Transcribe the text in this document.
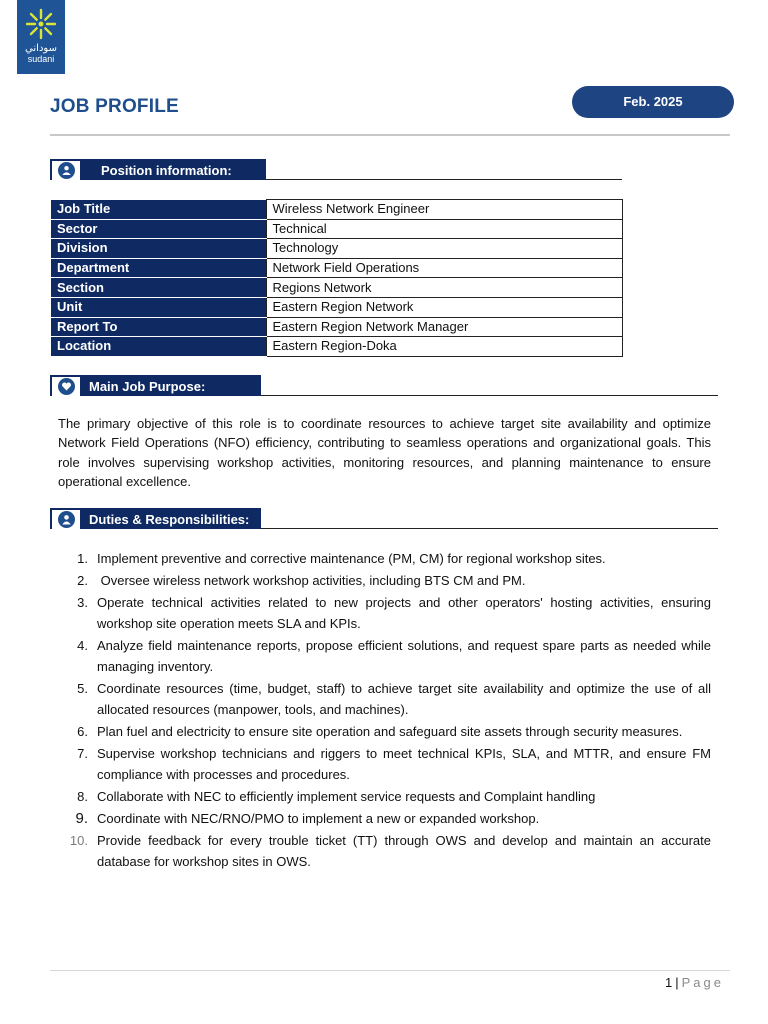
سوداني
sudani
JOB PROFILE	Feb. 2025
Position information:
Job Title	Wireless Network Engineer
Sector	Technical
Division	Technology
Department	Network Field Operations
Section	Regions Network
Unit	Eastern Region Network
Report To	Eastern Region Network Manager
Location	Eastern Region-Doka
Main Job Purpose:

The primary objective of this role is to coordinate resources to achieve target site availability and optimize Network Field Operations (NFO) efficiency, contributing to seamless operations and organizational goals. This role involves supervising workshop activities, monitoring resources, and planning maintenance to ensure operational excellence.

Duties & Responsibilities:
1. Implement preventive and corrective maintenance (PM, CM) for regional workshop sites.
2. Oversee wireless network workshop activities, including BTS CM and PM.
3. Operate technical activities related to new projects and other operators' hosting activities, ensuring workshop site operation meets SLA and KPIs.
4. Analyze field maintenance reports, propose efficient solutions, and request spare parts as needed while managing inventory.
5. Coordinate resources (time, budget, staff) to achieve target site availability and optimize the use of all allocated resources (manpower, tools, and machines).
6. Plan fuel and electricity to ensure site operation and safeguard site assets through security measures.
7. Supervise workshop technicians and riggers to meet technical KPIs, SLA, and MTTR, and ensure FM compliance with processes and procedures.
8. Collaborate with NEC to efficiently implement service requests and Complaint handling
9. Coordinate with NEC/RNO/PMO to implement a new or expanded workshop.
10. Provide feedback for every trouble ticket (TT) through OWS and develop and maintain an accurate database for workshop sites in OWS.
1 | Page
